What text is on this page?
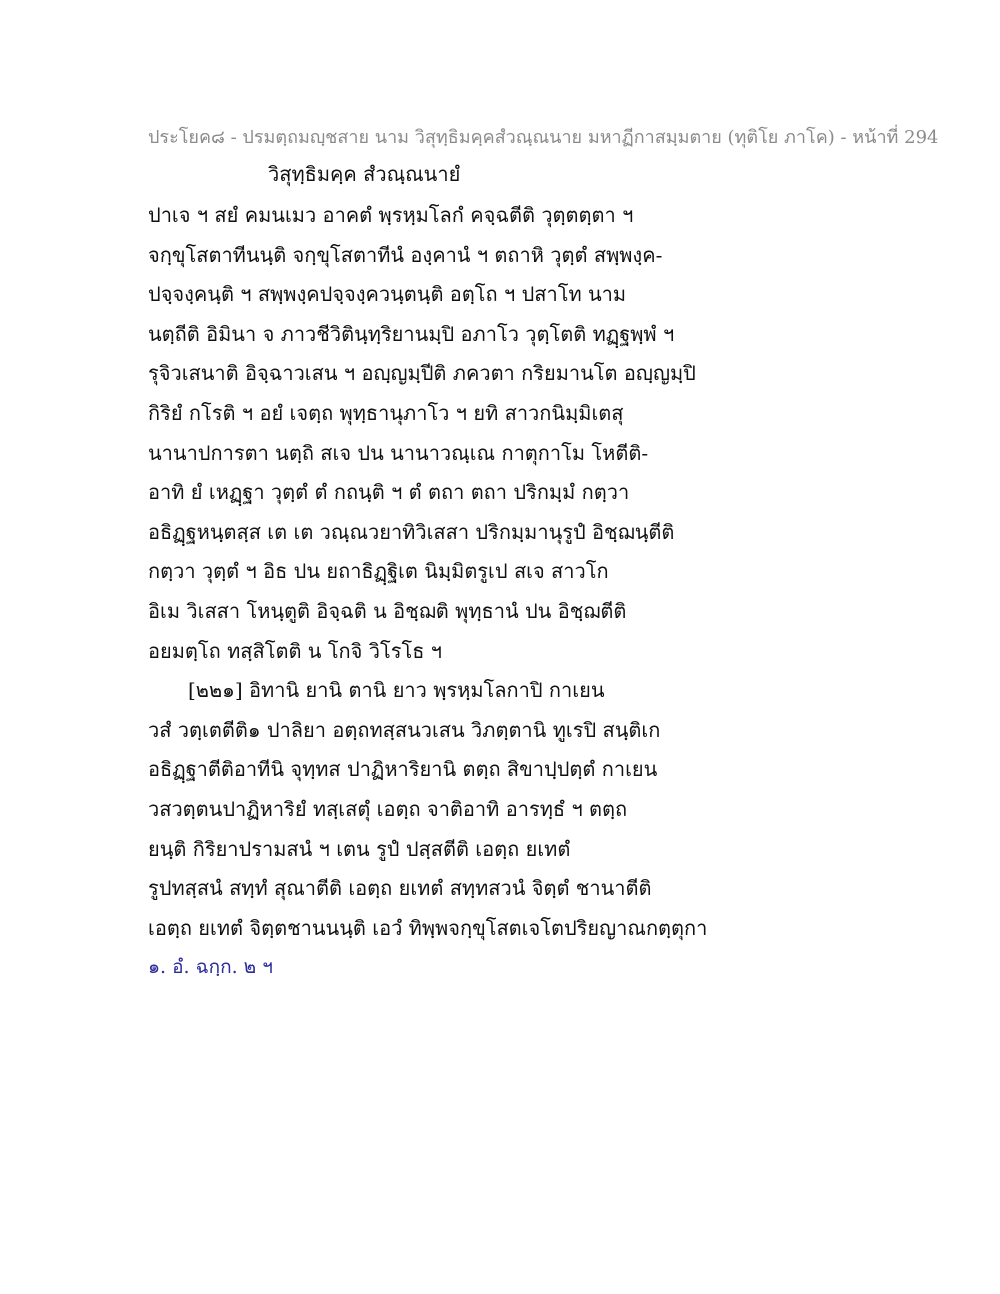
ประโยค๘ - ปรมตฺถมญฺชสาย นาม วิสุทฺธิมคฺคสํวณฺณนาย มหาฏีกาสมฺมตาย (ทุติโย ภาโค) - หน้าที่ 294
วิสุทฺธิมคฺค สํวณฺณนายํ
ปาเจ ฯ สยํ คมนเมว อาคตํ พฺรหฺมโลกํ คจฺฉตีติ วุตฺตตฺตา ฯ
จกฺขุโสตาทีนนฺติ จกฺขุโสตาทีนํ องฺคานํ ฯ ตถาหิ วุตฺตํ สพฺพงฺค-
ปจฺจงฺคนฺติ ฯ สพฺพงฺคปจฺจงฺควนฺตนฺติ อตฺโถ ฯ ปสาโท นาม
นตฺถีติ อิมินา จ ภาวชีวิตินฺทฺริยานมฺปิ อภาโว วุตฺโตติ ทฏฺฐพฺพํ ฯ
รุจิวเสนาติ อิจฺฉาวเสน ฯ อญฺญมฺปีติ ภควตา กริยมานโต อญฺญมฺปิ
กิริยํ กโรติ ฯ อยํ เจตฺถ พุทฺธานุภาโว ฯ ยทิ สาวกนิมฺมิเตสุ
นานาปการตา นตฺถิ สเจ ปน นานาวณฺเณ กาตุกาโม โหตีติ-
อาทิ ยํ เหฏฺฐา วุตฺตํ ตํ กถนฺติ ฯ ตํ ตถา ตถา ปริกมฺมํ กตฺวา
อธิฏฺฐหนฺตสฺส เต เต วณฺณวยาทิวิเสสา ปริกมฺมานุรูปํ อิชฺฌนฺตีติ
กตฺวา วุตฺตํ ฯ อิธ ปน ยถาธิฏฺฐิเต นิมฺมิตรูเป สเจ สาวโก
อิเม วิเสสา โหนฺตูติ อิจฺฉติ น อิชฺฌติ พุทฺธานํ ปน อิชฺฌตีติ
อยมตฺโถ ทสฺสิโตติ น โกจิ วิโรโธ ฯ
[๒๒๑] อิทานิ ยานิ ตานิ ยาว พฺรหฺมโลกาปิ กาเยน
วสํ วตฺเตตีติ๑ ปาลิยา อตฺถทสฺสนวเสน วิภตฺตานิ ทูเรปิ สนฺติเก
อธิฏฺฐาตีติอาทีนิ จุทฺทส ปาฏิหาริยานิ ตตฺถ สิขาปฺปตฺตํ กาเยน
วสวตฺตนปาฏิหาริยํ ทสฺเสตุํ เอตฺถ จาติอาทิ อารทฺธํ ฯ ตตฺถ
ยนฺติ กิริยาปรามสนํ ฯ เตน รูปํ ปสฺสตีติ เอตฺถ ยเทตํ
รูปทสฺสนํ สทฺทํ สุณาตีติ เอตฺถ ยเทตํ สทฺทสวนํ จิตฺตํ ชานาตีติ
เอตฺถ ยเทตํ จิตฺตชานนนฺติ เอวํ ทิพฺพจกฺขุโสตเจโตปริยญาณกตฺตุกา
๑. อํ. ฉกฺก. ๒ ฯ
